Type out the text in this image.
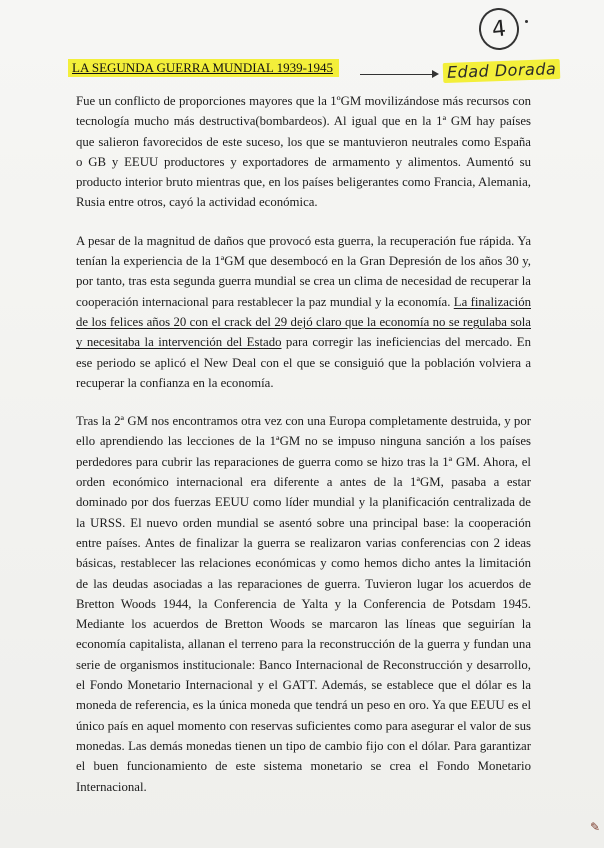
4
LA SEGUNDA GUERRA MUNDIAL 1939-1945	Edad Dorada

Fue un conflicto de proporciones mayores que la 1ºGM movilizándose más recursos con tecnología mucho más destructiva(bombardeos). Al igual que en la 1ª GM hay países que salieron favorecidos de este suceso, los que se mantuvieron neutrales como España o GB y EEUU productores y exportadores de armamento y alimentos. Aumentó su producto interior bruto mientras que, en los países beligerantes como Francia, Alemania, Rusia entre otros, cayó la actividad económica.

A pesar de la magnitud de daños que provocó esta guerra, la recuperación fue rápida. Ya tenían la experiencia de la 1ªGM que desembocó en la Gran Depresión de los años 30 y, por tanto, tras esta segunda guerra mundial se crea un clima de necesidad de recuperar la cooperación internacional para restablecer la paz mundial y la economía. La finalización de los felices años 20 con el crack del 29 dejó claro que la economía no se regulaba sola y necesitaba la intervención del Estado para corregir las ineficiencias del mercado. En ese periodo se aplicó el New Deal con el que se consiguió que la población volviera a recuperar la confianza en la economía.

Tras la 2ª GM nos encontramos otra vez con una Europa completamente destruida, y por ello aprendiendo las lecciones de la 1ªGM no se impuso ninguna sanción a los países perdedores para cubrir las reparaciones de guerra como se hizo tras la 1ª GM. Ahora, el orden económico internacional era diferente a antes de la 1ªGM, pasaba a estar dominado por dos fuerzas EEUU como líder mundial y la planificación centralizada de la URSS. El nuevo orden mundial se asentó sobre una principal base: la cooperación entre países. Antes de finalizar la guerra se realizaron varias conferencias con 2 ideas básicas, restablecer las relaciones económicas y como hemos dicho antes la limitación de las deudas asociadas a las reparaciones de guerra. Tuvieron lugar los acuerdos de Bretton Woods 1944, la Conferencia de Yalta y la Conferencia de Potsdam 1945. Mediante los acuerdos de Bretton Woods se marcaron las líneas que seguirían la economía capitalista, allanan el terreno para la reconstrucción de la guerra y fundan una serie de organismos institucionale: Banco Internacional de Reconstrucción y desarrollo, el Fondo Monetario Internacional y el GATT. Además, se establece que el dólar es la moneda de referencia, es la única moneda que tendrá un peso en oro. Ya que EEUU es el único país en aquel momento con reservas suficientes como para asegurar el valor de sus monedas. Las demás monedas tienen un tipo de cambio fijo con el dólar. Para garantizar el buen funcionamiento de este sistema monetario se crea el Fondo Monetario Internacional.

✎
